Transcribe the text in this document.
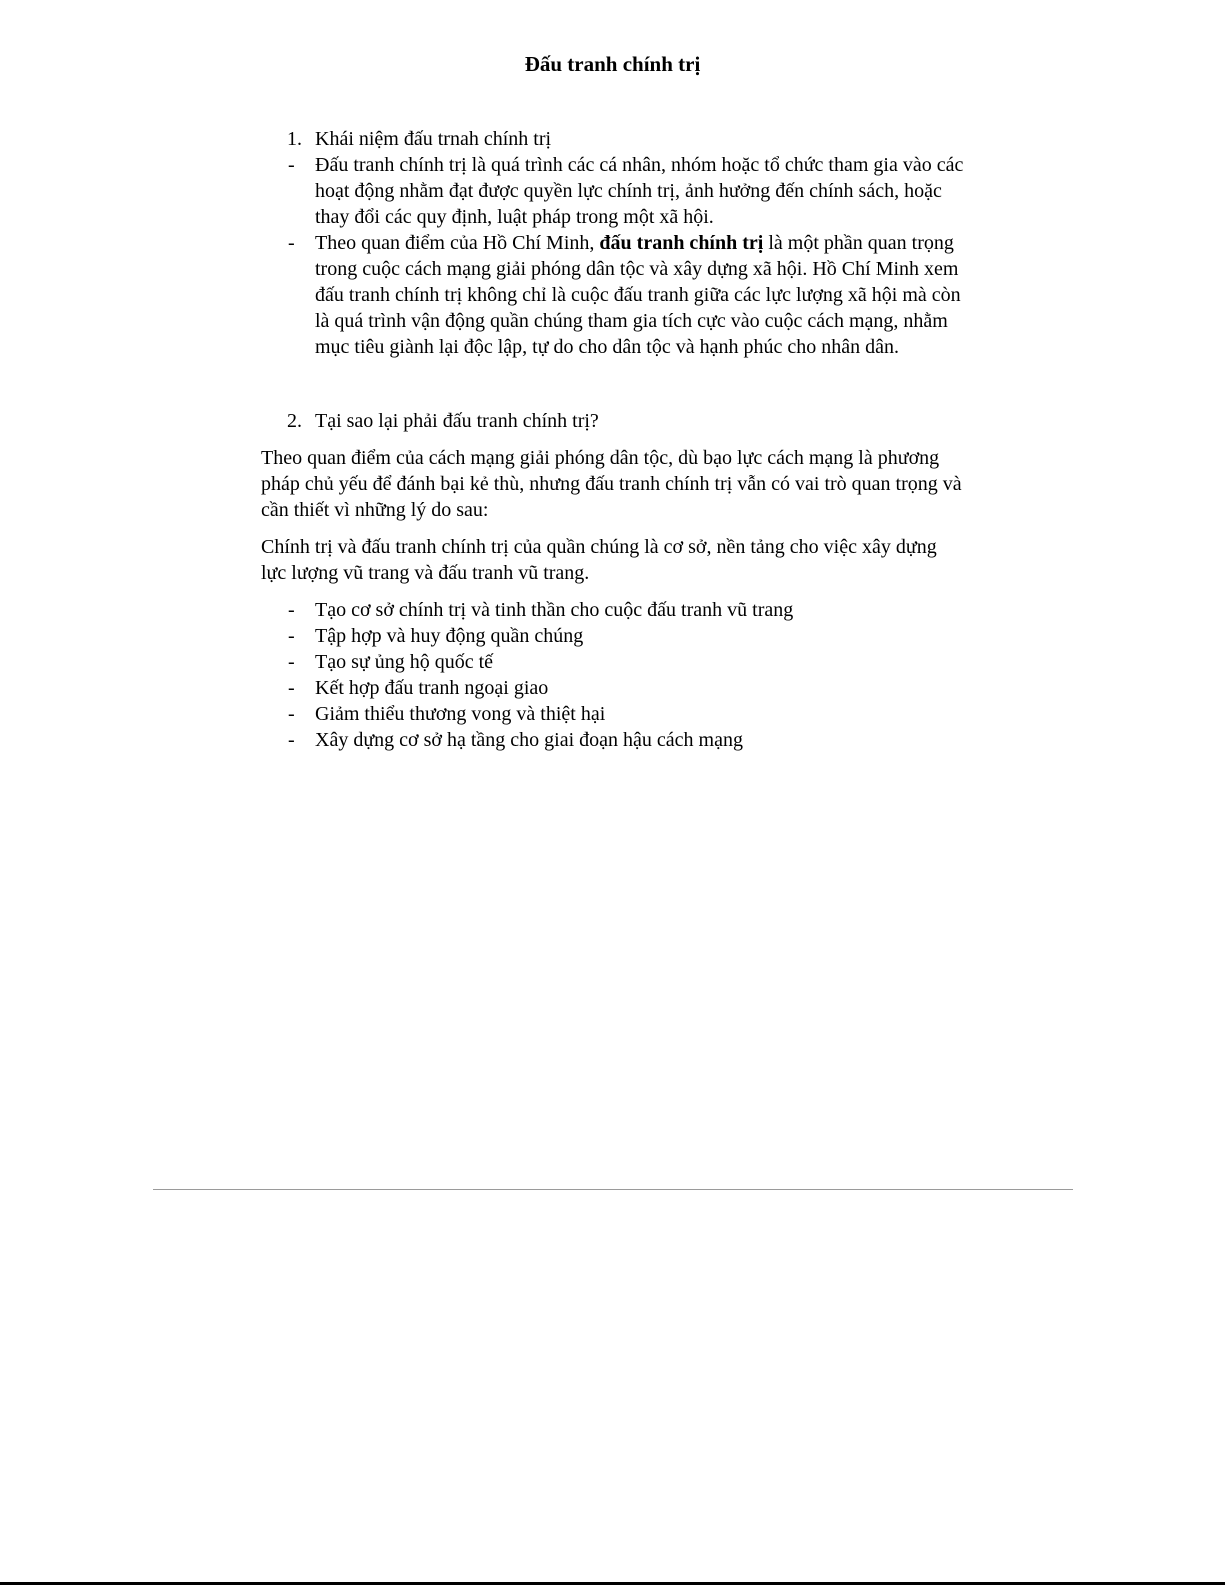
Đấu tranh chính trị
1. Khái niệm đấu trnah chính trị
- Đấu tranh chính trị là quá trình các cá nhân, nhóm hoặc tổ chức tham gia vào các hoạt động nhằm đạt được quyền lực chính trị, ảnh hưởng đến chính sách, hoặc thay đổi các quy định, luật pháp trong một xã hội.
- Theo quan điểm của Hồ Chí Minh, đấu tranh chính trị là một phần quan trọng trong cuộc cách mạng giải phóng dân tộc và xây dựng xã hội. Hồ Chí Minh xem đấu tranh chính trị không chỉ là cuộc đấu tranh giữa các lực lượng xã hội mà còn là quá trình vận động quần chúng tham gia tích cực vào cuộc cách mạng, nhằm mục tiêu giành lại độc lập, tự do cho dân tộc và hạnh phúc cho nhân dân.
2. Tại sao lại phải đấu tranh chính trị?

Theo quan điểm của cách mạng giải phóng dân tộc, dù bạo lực cách mạng là phương pháp chủ yếu để đánh bại kẻ thù, nhưng đấu tranh chính trị vẫn có vai trò quan trọng và cần thiết vì những lý do sau:

Chính trị và đấu tranh chính trị của quần chúng là cơ sở, nền tảng cho việc xây dựng lực lượng vũ trang và đấu tranh vũ trang.

- Tạo cơ sở chính trị và tinh thần cho cuộc đấu tranh vũ trang
- Tập hợp và huy động quần chúng
- Tạo sự ủng hộ quốc tế
- Kết hợp đấu tranh ngoại giao
- Giảm thiểu thương vong và thiệt hại
- Xây dựng cơ sở hạ tầng cho giai đoạn hậu cách mạng
